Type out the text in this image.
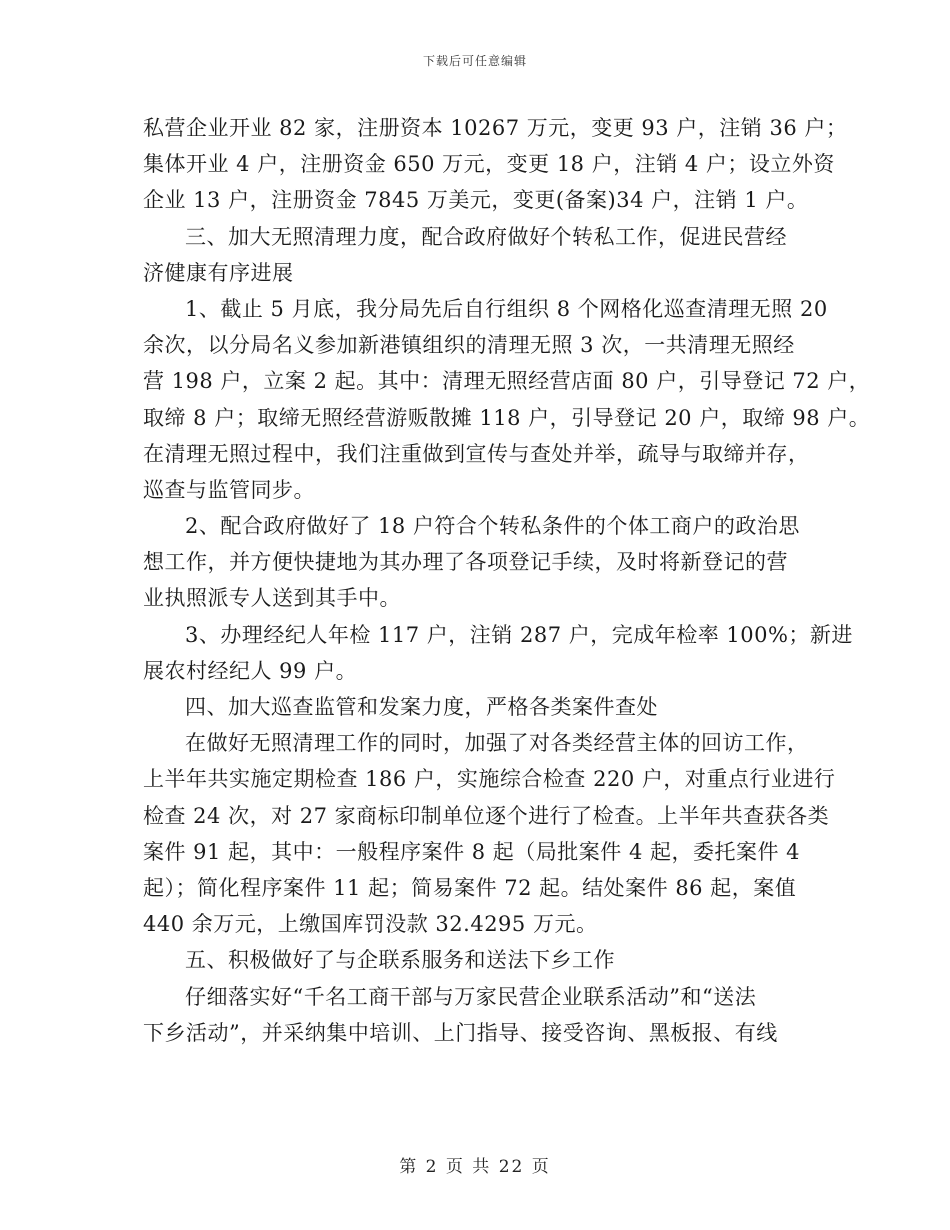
下载后可任意编辑
私营企业开业 82 家，注册资本 10267 万元，变更 93 户，注销 36 户；
集体开业 4 户，注册资金 650 万元，变更 18 户，注销 4 户；设立外资
企业 13 户，注册资金 7845 万美元，变更(备案)34 户，注销 1 户。
三、加大无照清理力度，配合政府做好个转私工作，促进民营经
济健康有序进展
1、截止 5 月底，我分局先后自行组织 8 个网格化巡查清理无照 20
余次，以分局名义参加新港镇组织的清理无照 3 次，一共清理无照经
营 198 户，立案 2 起。其中：清理无照经营店面 80 户，引导登记 72 户，
取缔 8 户；取缔无照经营游贩散摊 118 户，引导登记 20 户，取缔 98 户。
在清理无照过程中，我们注重做到宣传与查处并举，疏导与取缔并存，
巡查与监管同步。
2、配合政府做好了 18 户符合个转私条件的个体工商户的政治思
想工作，并方便快捷地为其办理了各项登记手续，及时将新登记的营
业执照派专人送到其手中。
3、办理经纪人年检 117 户，注销 287 户，完成年检率 100%；新进
展农村经纪人 99 户。
四、加大巡查监管和发案力度，严格各类案件查处
在做好无照清理工作的同时，加强了对各类经营主体的回访工作，
上半年共实施定期检查 186 户，实施综合检查 220 户，对重点行业进行
检查 24 次，对 27 家商标印制单位逐个进行了检查。上半年共查获各类
案件 91 起，其中：一般程序案件 8 起（局批案件 4 起，委托案件 4
起）；简化程序案件 11 起；简易案件 72 起。结处案件 86 起，案值
440 余万元，上缴国库罚没款 32.4295 万元。
五、积极做好了与企联系服务和送法下乡工作
仔细落实好“千名工商干部与万家民营企业联系活动”和“送法
下乡活动”，并采纳集中培训、上门指导、接受咨询、黑板报、有线
第 2 页 共 22 页
